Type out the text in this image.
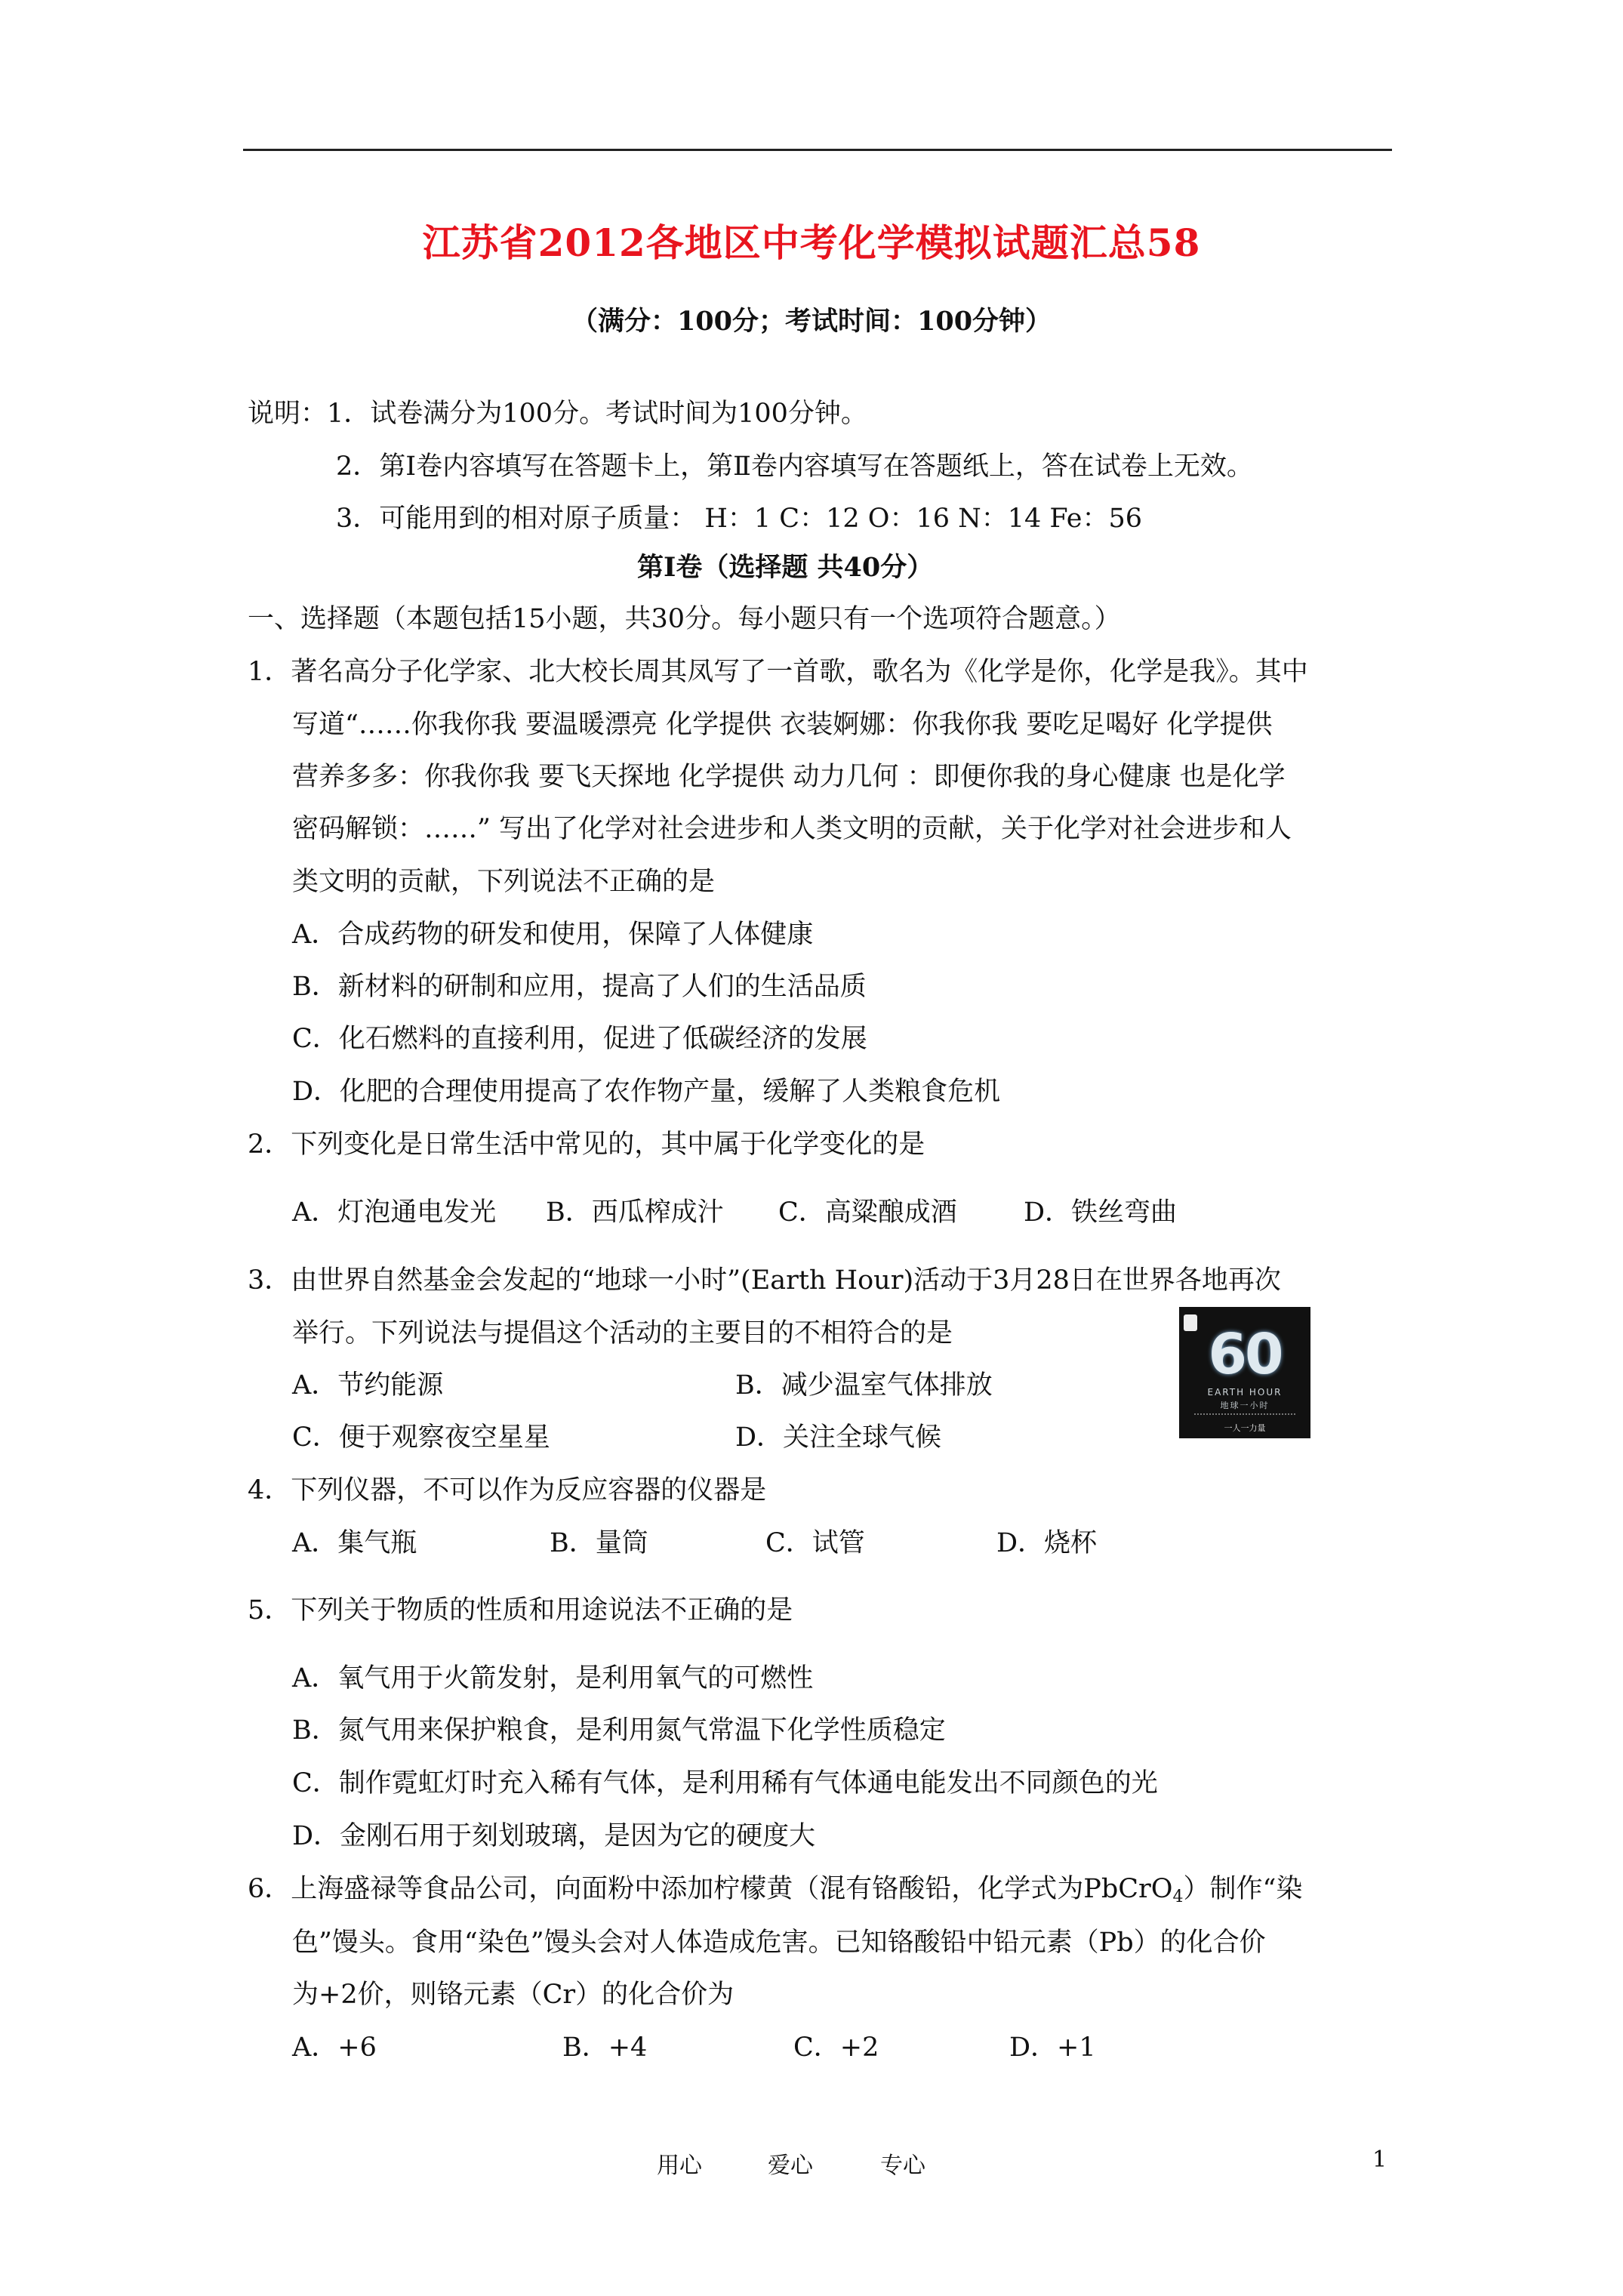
江苏省2012各地区中考化学模拟试题汇总58
（满分：100分；考试时间：100分钟）
说明：1．试卷满分为100分。考试时间为100分钟。
2．第Ⅰ卷内容填写在答题卡上，第Ⅱ卷内容填写在答题纸上，答在试卷上无效。
3．可能用到的相对原子质量： H：1 C：12 O：16 N：14 Fe：56
第Ⅰ卷（选择题 共40分）
一、选择题（本题包括15小题，共30分。每小题只有一个选项符合题意。）
1．著名高分子化学家、北大校长周其凤写了一首歌，歌名为《化学是你，化学是我》。其中
写道“……你我你我 要温暖漂亮 化学提供 衣装婀娜：你我你我 要吃足喝好 化学提供
营养多多：你我你我 要飞天探地 化学提供 动力几何 ：即便你我的身心健康 也是化学
密码解锁：……” 写出了化学对社会进步和人类文明的贡献，关于化学对社会进步和人
类文明的贡献，下列说法不正确的是
A．合成药物的研发和使用，保障了人体健康
B．新材料的研制和应用，提高了人们的生活品质
C．化石燃料的直接利用，促进了低碳经济的发展
D．化肥的合理使用提高了农作物产量，缓解了人类粮食危机
2．下列变化是日常生活中常见的，其中属于化学变化的是
A．灯泡通电发光 B．西瓜榨成汁 C．高粱酿成酒	D．铁丝弯曲
3．由世界自然基金会发起的“地球一小时”(Earth Hour)活动于3月28日在世界各地再次
举行。下列说法与提倡这个活动的主要目的不相符合的是
A．节约能源	B．减少温室气体排放
C．便于观察夜空星星	D．关注全球气候
60
EARTH HOUR
地球一小时
一人一力量
4．下列仪器，不可以作为反应容器的仪器是
A．集气瓶	B．量筒	C．试管	D．烧杯
5．下列关于物质的性质和用途说法不正确的是
A．氧气用于火箭发射，是利用氧气的可燃性
B．氮气用来保护粮食，是利用氮气常温下化学性质稳定
C．制作霓虹灯时充入稀有气体，是利用稀有气体通电能发出不同颜色的光
D．金刚石用于刻划玻璃，是因为它的硬度大
6．上海盛禄等食品公司，向面粉中添加柠檬黄（混有铬酸铅，化学式为PbCrO$_4$）制作“染
色”馒头。食用“染色”馒头会对人体造成危害。已知铬酸铅中铅元素（Pb）的化合价
为+2价，则铬元素（Cr）的化合价为
A．+6	B．+4	C．+2	D．+1
用心	爱心	专心	1
